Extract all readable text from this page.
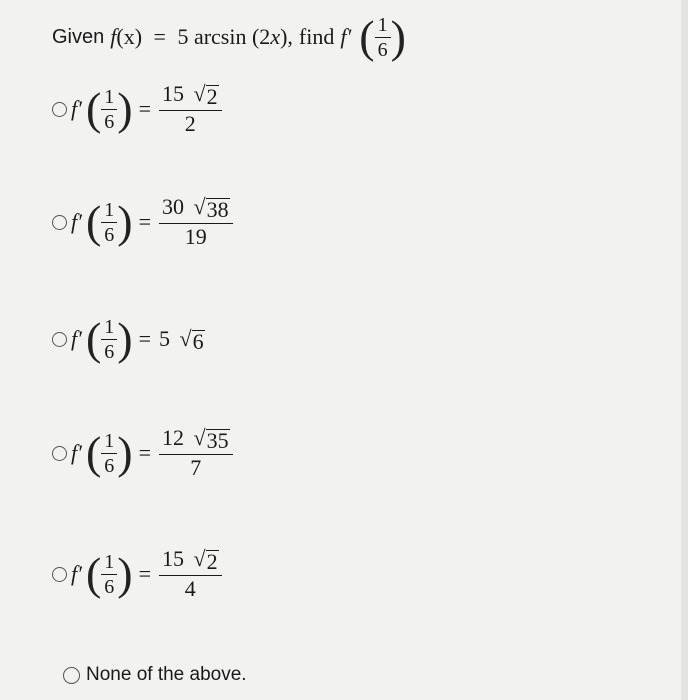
Given f(x) = 5 arcsin (2x), find f′ ( $\frac{1}{6}$ )
f′ ( $\frac{1}{6}$ ) = $\frac{15 √ 2}{2}$
f′ ( $\frac{1}{6}$ ) = $\frac{30 √ 38}{19}$
f′ ( $\frac{1}{6}$ ) = 5 √ 6
f′ ( $\frac{1}{6}$ ) = $\frac{12 √ 35}{7}$
f′ ( $\frac{1}{6}$ ) = $\frac{15 √ 2}{4}$
None of the above.
